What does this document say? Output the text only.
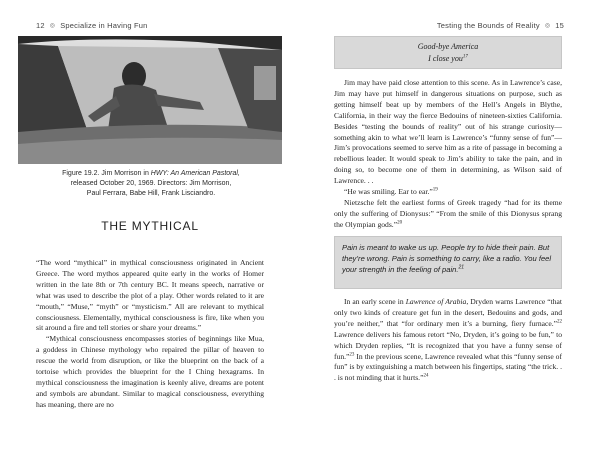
12 ◎ Specialize in Having Fun
Figure 19.2. Jim Morrison in HWY: An American Pastoral,
released October 20, 1969. Directors: Jim Morrison,
Paul Ferrara, Babe Hill, Frank Lisciandro.
THE MYTHICAL

“The word “mythical” in mythical consciousness originated in Ancient Greece. The word mythos appeared quite early in the works of Homer written in the late 8th or 7th century BC. It means speech, narrative or what was used to describe the plot of a play. Other words related to it are “mouth,” “Muse,” “myth” or “mysticism.” All are relevant to mythical consciousness. Elementally, mythical consciousness is fire, like when you sit around a fire and tell stories or share your dreams.”

“Mythical consciousness encompasses stories of beginnings like Mua, a goddess in Chinese mythology who repaired the pillar of heaven to rescue the world from disruption, or like the blueprint on the back of a tortoise which provides the blueprint for the I Ching hexagrams. In mythical consciousness the imagination is keenly alive, dreams are potent and symbols are abundant. Similar to magical consciousness, everything has meaning, there are no

Testing the Bounds of Reality ◎ 15
Good-bye America
I close you$^{17}$

Jim may have paid close attention to this scene. As in Lawrence’s case, Jim may have put himself in dangerous situations on purpose, such as getting himself beat up by members of the Hell’s Angels in Blythe, California, in their way the fierce Bedouins of nineteen-sixties California. Besides “testing the bounds of reality” out of his strange curiosity—something akin to what we’ll learn is Lawrence’s “funny sense of fun”—Jim’s provocations seemed to serve him as a rite of passage in becoming a rebellious leader. It would speak to Jim’s ability to take the pain, and in doing so, to become one of them in determining, as Wilson said of Lawrence. . .

“He was smiling. Ear to ear.”$^{19}$

Nietzsche felt the earliest forms of Greek tragedy “had for its theme only the suffering of Dionysus:” “From the smile of this Dionysus sprang the Olympian gods.”$^{20}$

Pain is meant to wake us up. People try to hide their pain. But they’re wrong. Pain is something to carry, like a radio. You feel your strength in the feeling of pain.$^{21}$

In an early scene in Lawrence of Arabia, Dryden warns Lawrence “that only two kinds of creature get fun in the desert, Bedouins and gods, and you’re neither,” that “for ordinary men it’s a burning, fiery furnace.”$^{22}$ Lawrence delivers his famous retort “No, Dryden, it’s going to be fun,” to which Dryden replies, “It is recognized that you have a funny sense of fun.”$^{23}$ In the previous scene, Lawrence revealed what this “funny sense of fun” is by extinguishing a match between his fingertips, stating “the trick. . . is not minding that it hurts.”$^{24}$
